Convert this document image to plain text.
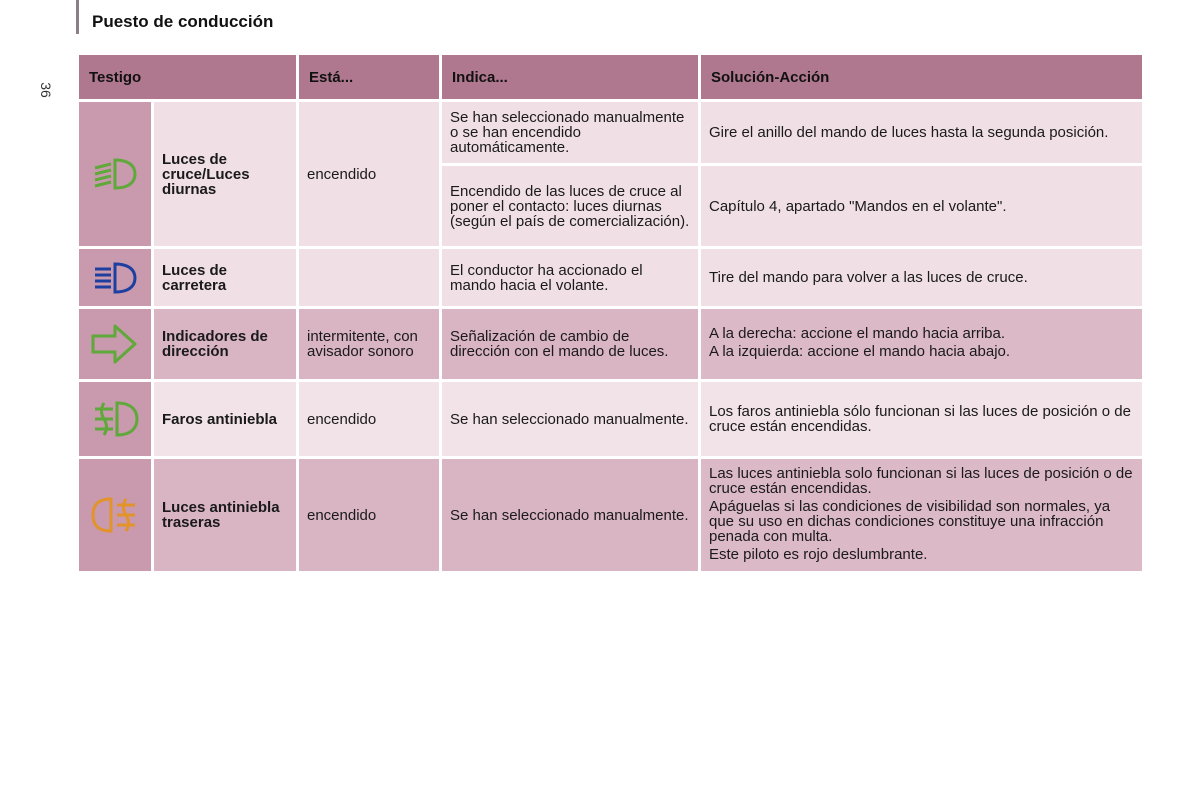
Puesto de conducción
36
Testigo		Está...	Indica...	Solución-Acción

	Luces de cruce/Luces diurnas	encendido	Se han seleccionado manualmente o se han encendido automáticamente.	Gire el anillo del mando de luces hasta la segunda posición.
			Encendido de las luces de cruce al poner el contacto: luces diurnas (según el país de comercialización).	Capítulo 4, apartado "Mandos en el volante".

	Luces de carretera		El conductor ha accionado el mando hacia el volante.	Tire del mando para volver a las luces de cruce.

	Indicadores de dirección	intermitente, con avisador sonoro	Señalización de cambio de dirección con el mando de luces.	A la derecha: accione el mando hacia arriba.

A la izquierda: accione el mando hacia abajo.

	Faros antiniebla	encendido	Se han seleccionado manualmente.	Los faros antiniebla sólo funcionan si las luces de posición o de cruce están encendidas.

	Luces antiniebla traseras	encendido	Se han seleccionado manualmente.	Las luces antiniebla solo funcionan si las luces de posición o de cruce están encendidas.

Apáguelas si las condiciones de visibilidad son normales, ya que su uso en dichas condiciones constituye una infracción penada con multa.

Este piloto es rojo deslumbrante.
